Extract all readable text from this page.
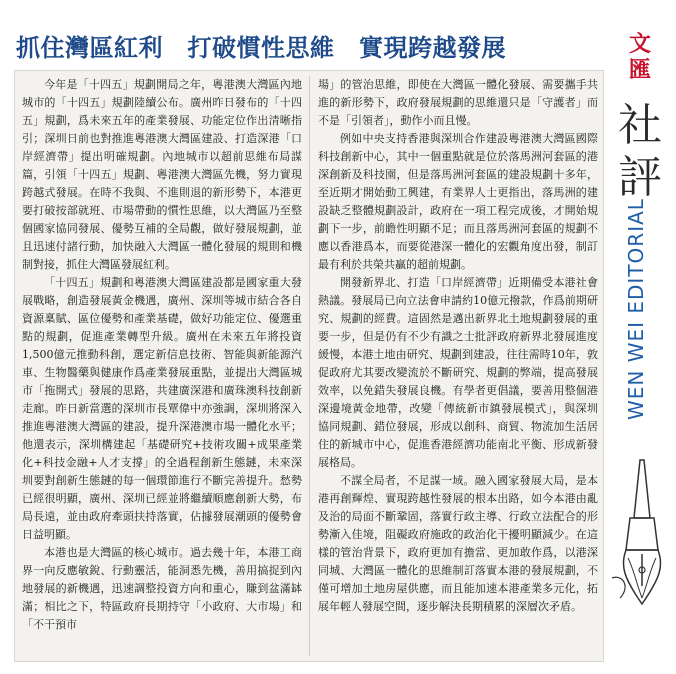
抓住灣區紅利　打破慣性思維　實現跨越發展

今年是「十四五」規劃開局之年，粵港澳大灣區內地城市的「十四五」規劃陸續公布。廣州昨日發布的「十四五」規劃，爲未來五年的產業發展、功能定位作出清晰指引；深圳日前也對推進粵港澳大灣區建設、打造深港「口岸經濟帶」提出明確規劃。內地城市以超前思維布局謀篇，引領「十四五」規劃、粵港澳大灣區先機，努力實現跨越式發展。在時不我與、不進則退的新形勢下，本港更要打破按部就班、市場帶動的慣性思維，以大灣區乃至整個國家協同發展、優勢互補的全局觀，做好發展規劃，並且迅速付諸行動，加快融入大灣區一體化發展的規則和機制對接，抓住大灣區發展紅利。

「十四五」規劃和粵港澳大灣區建設都是國家重大發展戰略，創造發展黃金機遇，廣州、深圳等城市結合各自資源稟賦、區位優勢和產業基礎，做好功能定位、優選重點的規劃，促進產業轉型升級。廣州在未來五年將投資1,500億元推動科創，選定新信息技術、智能與新能源汽車、生物醫藥與健康作爲產業發展重點，並提出大灣區城市「拖開式」發展的思路，共建廣深港和廣珠澳科技創新走廊。昨日新當選的深圳市長覃偉中亦強調，深圳將深入推進粵港澳大灣區的建設，提升深港澳市場一體化水平；他還表示，深圳構建起「基礎研究+技術攻關+成果產業化+科技金融+人才支撐」的全過程創新生態鏈，未來深圳要對創新生態鏈的每一個環節進行不斷完善提升。愁勢已經很明顯，廣州、深圳已經並將繼續順應創新大勢，布局長遠，並由政府牽頭扶持落實，佔據發展潮頭的優勢會日益明顯。

本港也是大灣區的核心城市。過去幾十年，本港工商界一向反應敏銳、行動靈活，能洞悉先機，善用搞捉到內地發展的新機遇，迅速調整投資方向和重心，賺到盆滿缽滿；相比之下，特區政府長期持守「小政府、大市場」和「不干預市

場」的管治思維，即使在大灣區一體化發展、需要攜手共進的新形勢下，政府發展規劃的思維還只是「守護者」而不是「引領者」，動作小而且慢。

例如中央支持香港與深圳合作建設粵港澳大灣區國際科技創新中心，其中一個重點就是位於落馬洲河套區的港深創新及科技園，但是落馬洲河套區的建設規劃十多年，至近期才開始動工興建，有業界人士更指出，落馬洲的建設缺乏整體規劃設計，政府在一項工程完成後，才開始規劃下一步，前瞻性明顯不足；而且落馬洲河套區的規劃不應以香港爲本，而要從港深一體化的宏觀角度出發，制訂最有利於共榮共贏的超前規劃。

開發新界北、打造「口岸經濟帶」近期備受本港社會熱議。發展局已向立法會申請約10億元撥款，作爲前期研究、規劃的經費。這固然是邁出新界北土地規劃發展的重要一步，但是仍有不少有識之士批評政府新界北發展進度緩慢，本港土地由研究、規劃到建設，往往需時10年，敦促政府尤其要改變流於不斷研究、規劃的弊端，提高發展效率，以免錯失發展良機。有學者更倡議，要善用整個港深邊境黃金地帶，改變「傳統新市鎮發展模式」，與深圳協同規劃、錯位發展，形成以創科、商貿、物流加生活居住的新城市中心，促進香港經濟功能南北平衡、形成新發展格局。

不謀全局者，不足謀一域。融入國家發展大局，是本港再創輝煌、實現跨越性發展的根本出路，如今本港由亂及治的局面不斷鞏固，落實行政主導、行政立法配合的形勢漸入佳境，阻礙政府施政的政治化干擾明顯減少。在這樣的管治背景下，政府更加有擔當、更加敢作爲，以港深同城、大灣區一體化的思維制訂落實本港的發展規劃，不僅可增加土地房屋供應，而且能加速本港產業多元化，拓展年輕人發展空間，逐步解決長期積累的深層次矛盾。

文
匯
社
評
WEN WEI EDITORIAL
